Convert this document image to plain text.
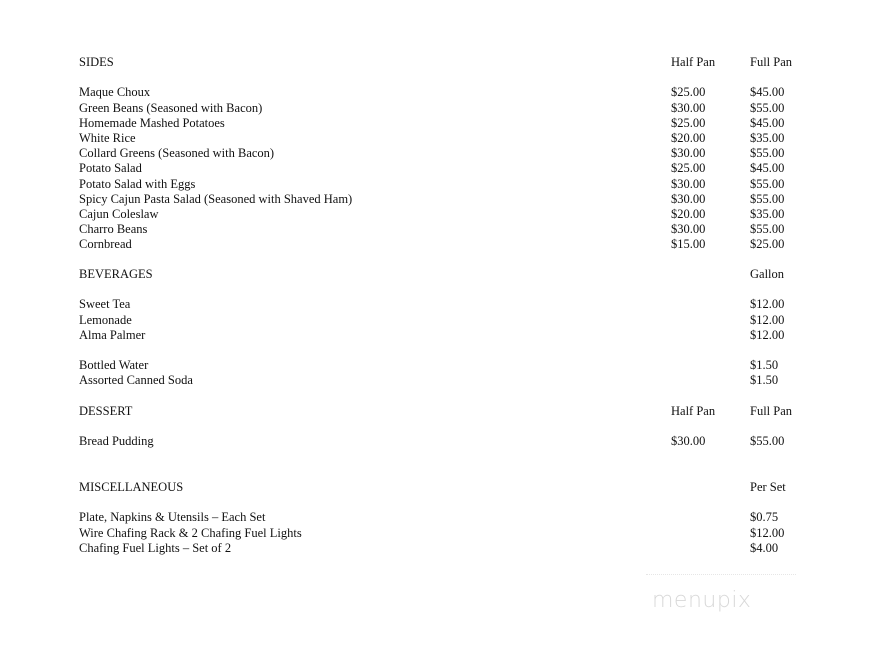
SIDES	Half Pan	Full Pan
Maque Choux	$25.00	$45.00
Green Beans (Seasoned with Bacon)	$30.00	$55.00
Homemade Mashed Potatoes	$25.00	$45.00
White Rice	$20.00	$35.00
Collard Greens (Seasoned with Bacon)	$30.00	$55.00
Potato Salad	$25.00	$45.00
Potato Salad with Eggs	$30.00	$55.00
Spicy Cajun Pasta Salad (Seasoned with Shaved Ham)	$30.00	$55.00
Cajun Coleslaw	$20.00	$35.00
Charro Beans	$30.00	$55.00
Cornbread	$15.00	$25.00
BEVERAGES	Gallon
Sweet Tea	$12.00
Lemonade	$12.00
Alma Palmer	$12.00
Bottled Water	$1.50
Assorted Canned Soda	$1.50
DESSERT	Half Pan	Full Pan
Bread Pudding	$30.00	$55.00
MISCELLANEOUS	Per Set
Plate, Napkins & Utensils – Each Set	$0.75
Wire Chafing Rack & 2 Chafing Fuel Lights	$12.00
Chafing Fuel Lights – Set of 2	$4.00
menupix
